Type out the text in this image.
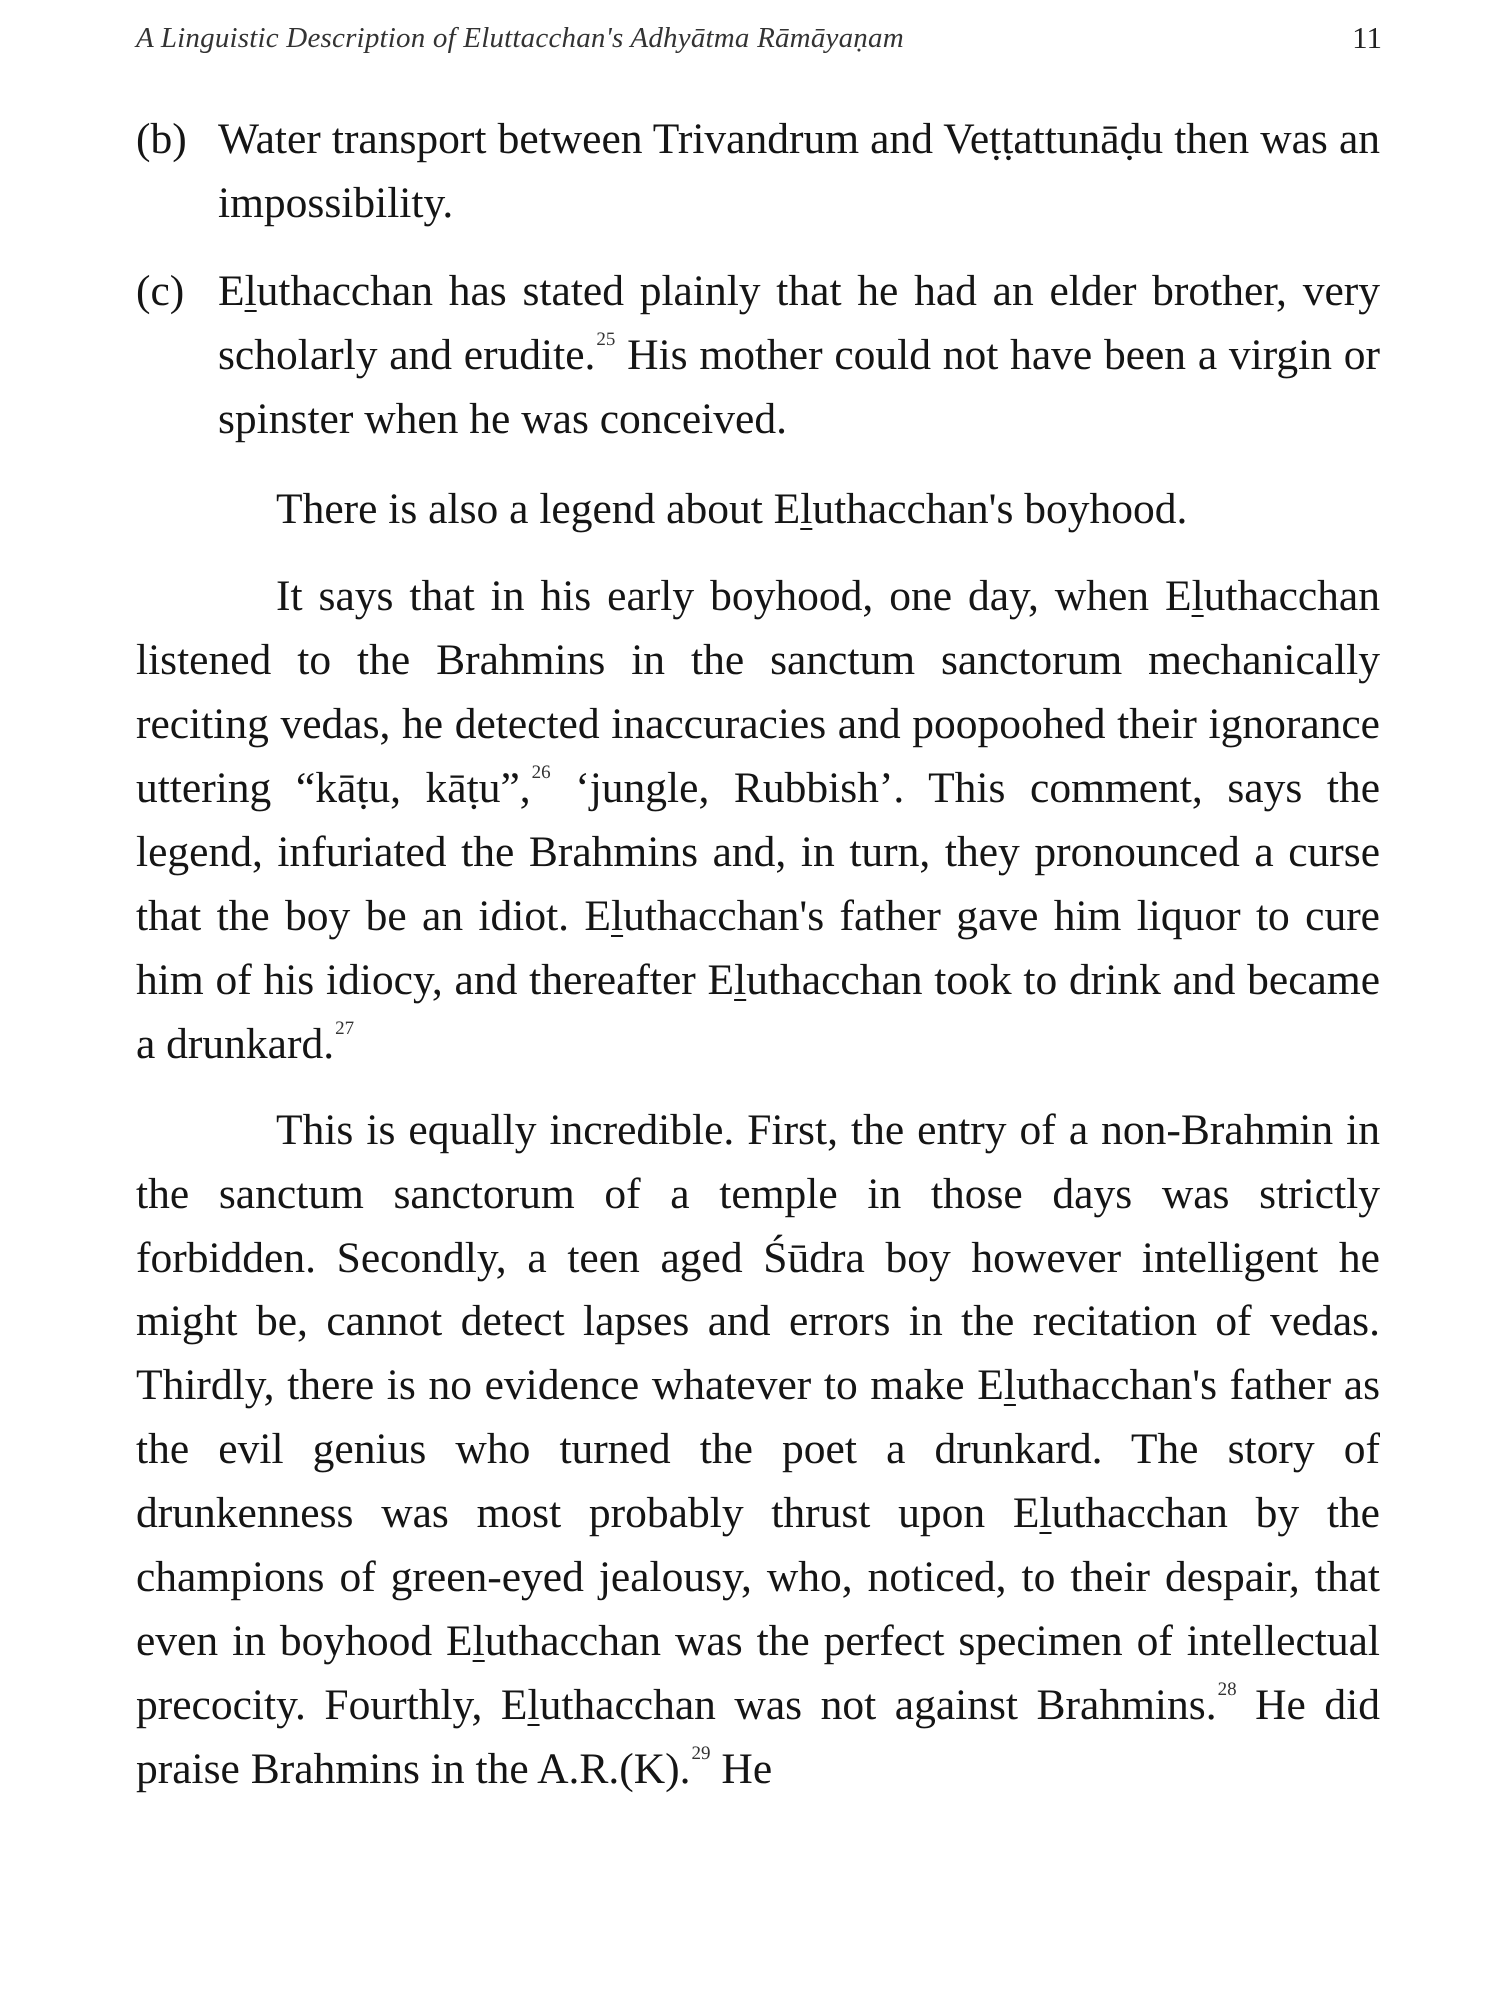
A Linguistic Description of Eluttacchan's Adhyātma Rāmāyaṇam	11
(b) Water transport between Trivandrum and Veṭṭattunāḍu then was an impossibility.
(c) Eluthacchan has stated plainly that he had an elder brother, very scholarly and erudite.$^{25}$ His mother could not have been a virgin or spinster when he was conceived.

There is also a legend about Eluthacchan's boyhood.

It says that in his early boyhood, one day, when Eluthacchan listened to the Brahmins in the sanctum sanctorum mechanically reciting vedas, he detected inaccuracies and poopoohed their ignorance uttering “kāṭu, kāṭu”,$^{26}$ ‘jungle, Rubbish’. This comment, says the legend, infuriated the Brahmins and, in turn, they pronounced a curse that the boy be an idiot. Eluthacchan's father gave him liquor to cure him of his idiocy, and thereafter Eluthacchan took to drink and became a drunkard.$^{27}$

This is equally incredible. First, the entry of a non-Brahmin in the sanctum sanctorum of a temple in those days was strictly forbidden. Secondly, a teen aged Śūdra boy however intelligent he might be, cannot detect lapses and errors in the recitation of vedas. Thirdly, there is no evidence whatever to make Eluthacchan's father as the evil genius who turned the poet a drunkard. The story of drunkenness was most probably thrust upon Eluthacchan by the champions of green-eyed jealousy, who, noticed, to their despair, that even in boyhood Eluthacchan was the perfect specimen of intellectual precocity. Fourthly, Eluthacchan was not against Brahmins.$^{28}$ He did praise Brahmins in the A.R.(K).$^{29}$ He
